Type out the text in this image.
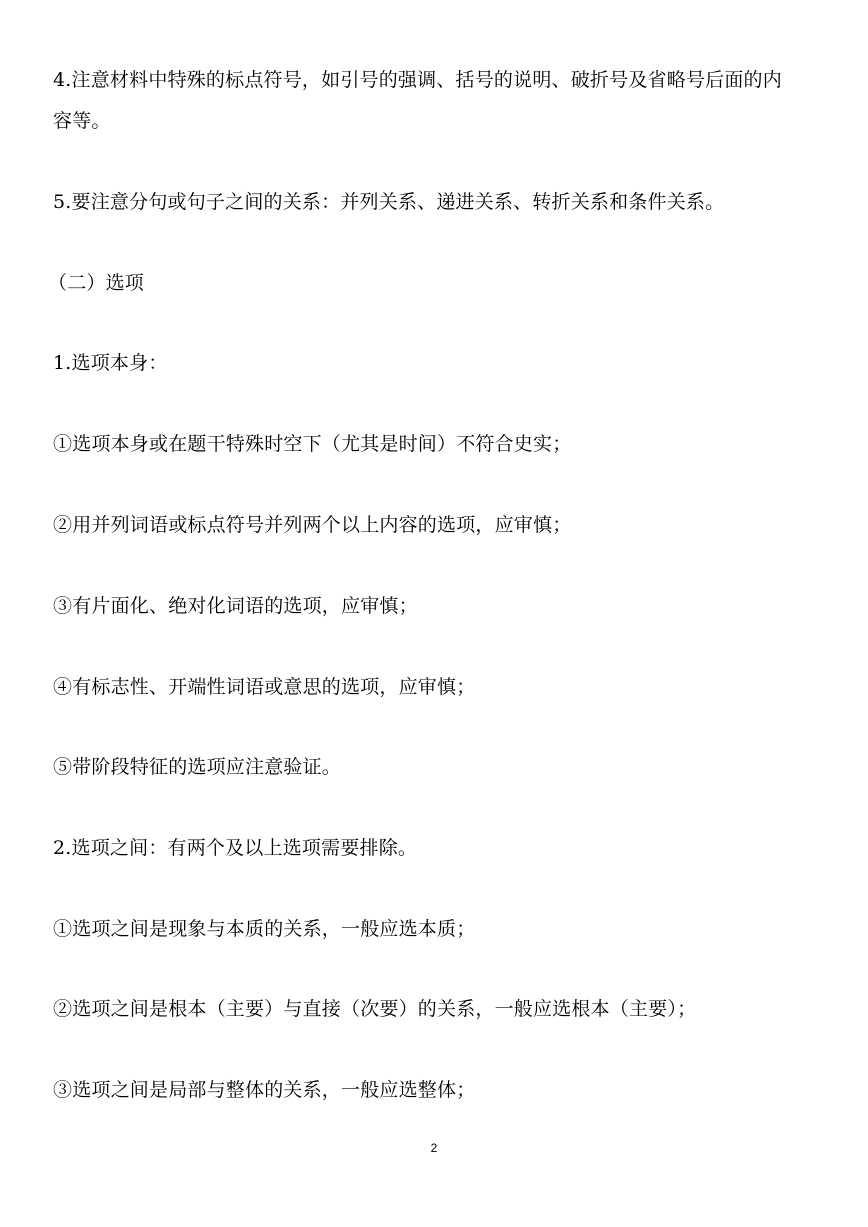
4.注意材料中特殊的标点符号，如引号的强调、括号的说明、破折号及省略号后面的内
容等。
5.要注意分句或句子之间的关系：并列关系、递进关系、转折关系和条件关系。
（二）选项
1.选项本身：
①选项本身或在题干特殊时空下（尤其是时间）不符合史实；
②用并列词语或标点符号并列两个以上内容的选项，应审慎；
③有片面化、绝对化词语的选项，应审慎；
④有标志性、开端性词语或意思的选项，应审慎；
⑤带阶段特征的选项应注意验证。
2.选项之间：有两个及以上选项需要排除。
①选项之间是现象与本质的关系，一般应选本质；
②选项之间是根本（主要）与直接（次要）的关系，一般应选根本（主要）；
③选项之间是局部与整体的关系，一般应选整体；
2
